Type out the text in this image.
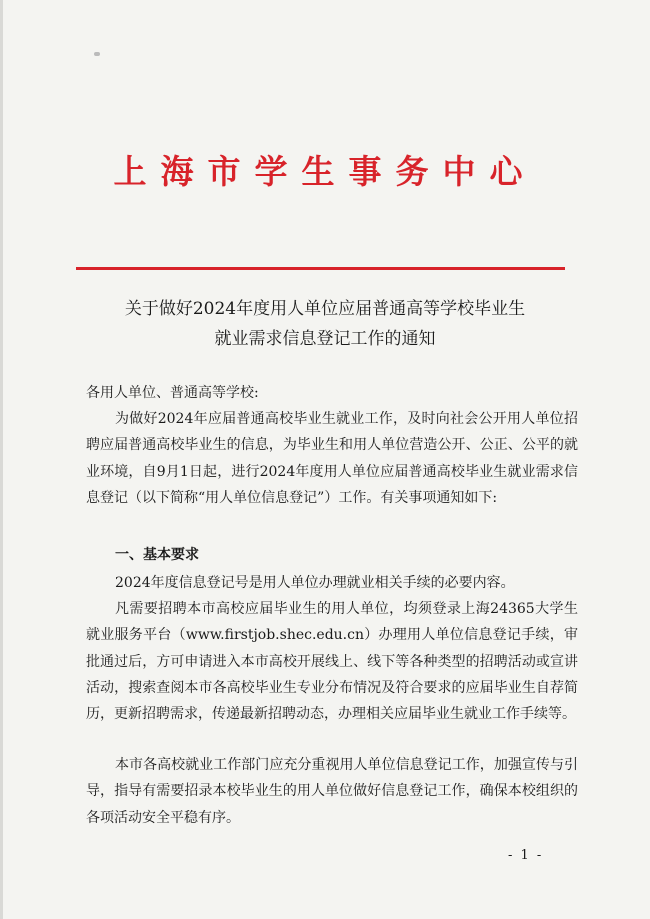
上海市学生事务中心
关于做好2024年度用人单位应届普通高等学校毕业生
就业需求信息登记工作的通知
各用人单位、普通高等学校:
为做好2024年应届普通高校毕业生就业工作，及时向社会公开用人单位招聘应届普通高校毕业生的信息，为毕业生和用人单位营造公开、公正、公平的就业环境，自9月1日起，进行2024年度用人单位应届普通高校毕业生就业需求信息登记（以下简称“用人单位信息登记”）工作。有关事项通知如下:
一、基本要求
2024年度信息登记号是用人单位办理就业相关手续的必要内容。
凡需要招聘本市高校应届毕业生的用人单位，均须登录上海24365大学生就业服务平台（www.firstjob.shec.edu.cn）办理用人单位信息登记手续，审批通过后，方可申请进入本市高校开展线上、线下等各种类型的招聘活动或宣讲活动，搜索查阅本市各高校毕业生专业分布情况及符合要求的应届毕业生自荐简历，更新招聘需求，传递最新招聘动态，办理相关应届毕业生就业工作手续等。
本市各高校就业工作部门应充分重视用人单位信息登记工作，加强宣传与引导，指导有需要招录本校毕业生的用人单位做好信息登记工作，确保本校组织的各项活动安全平稳有序。
- 1 -
